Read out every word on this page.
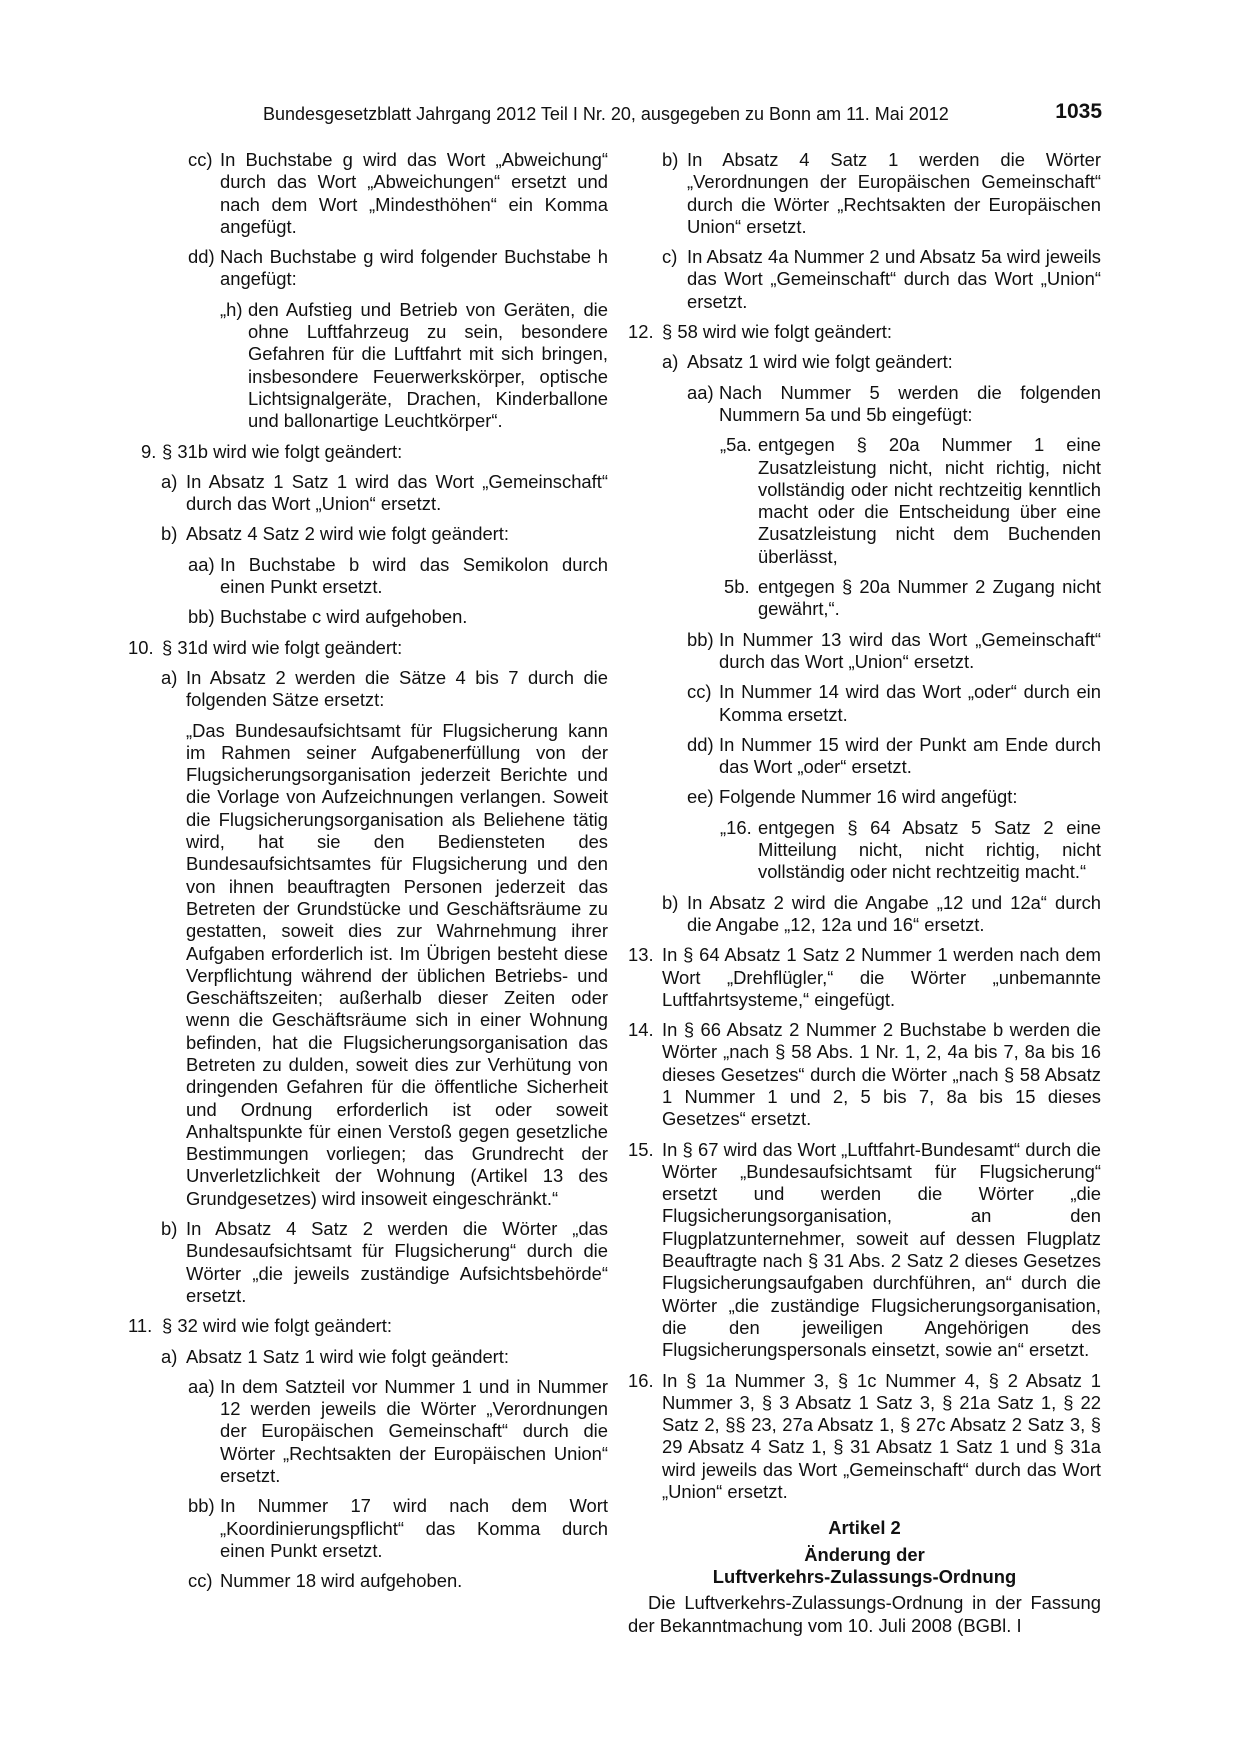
Bundesgesetzblatt Jahrgang 2012 Teil I Nr. 20, ausgegeben zu Bonn am 11. Mai 2012	1035
cc) In Buchstabe g wird das Wort „Abweichung“ durch das Wort „Abweichungen“ ersetzt und nach dem Wort „Mindesthöhen“ ein Komma angefügt.
dd) Nach Buchstabe g wird folgender Buchstabe h angefügt:
„h) den Aufstieg und Betrieb von Geräten, die ohne Luftfahrzeug zu sein, besondere Gefahren für die Luftfahrt mit sich bringen, insbesondere Feuerwerkskörper, optische Lichtsignalgeräte, Drachen, Kinderballone und ballonartige Leuchtkörper“.
9. § 31b wird wie folgt geändert:
a) In Absatz 1 Satz 1 wird das Wort „Gemeinschaft“ durch das Wort „Union“ ersetzt.
b) Absatz 4 Satz 2 wird wie folgt geändert:
aa) In Buchstabe b wird das Semikolon durch einen Punkt ersetzt.
bb) Buchstabe c wird aufgehoben.
10. § 31d wird wie folgt geändert:
a) In Absatz 2 werden die Sätze 4 bis 7 durch die folgenden Sätze ersetzt:
„Das Bundesaufsichtsamt für Flugsicherung kann im Rahmen seiner Aufgabenerfüllung von der Flugsicherungsorganisation jederzeit Berichte und die Vorlage von Aufzeichnungen verlangen. Soweit die Flugsicherungsorganisation als Beliehene tätig wird, hat sie den Bediensteten des Bundesaufsichtsamtes für Flugsicherung und den von ihnen beauftragten Personen jederzeit das Betreten der Grundstücke und Geschäftsräume zu gestatten, soweit dies zur Wahrnehmung ihrer Aufgaben erforderlich ist. Im Übrigen besteht diese Verpflichtung während der üblichen Betriebs- und Geschäftszeiten; außerhalb dieser Zeiten oder wenn die Geschäftsräume sich in einer Wohnung befinden, hat die Flugsicherungsorganisation das Betreten zu dulden, soweit dies zur Verhütung von dringenden Gefahren für die öffentliche Sicherheit und Ordnung erforderlich ist oder soweit Anhaltspunkte für einen Verstoß gegen gesetzliche Bestimmungen vorliegen; das Grundrecht der Unverletzlichkeit der Wohnung (Artikel 13 des Grundgesetzes) wird insoweit eingeschränkt.“
b) In Absatz 4 Satz 2 werden die Wörter „das Bundesaufsichtsamt für Flugsicherung“ durch die Wörter „die jeweils zuständige Aufsichtsbehörde“ ersetzt.
11. § 32 wird wie folgt geändert:
a) Absatz 1 Satz 1 wird wie folgt geändert:
aa) In dem Satzteil vor Nummer 1 und in Nummer 12 werden jeweils die Wörter „Verordnungen der Europäischen Gemeinschaft“ durch die Wörter „Rechtsakten der Europäischen Union“ ersetzt.
bb) In Nummer 17 wird nach dem Wort „Koordinierungspflicht“ das Komma durch einen Punkt ersetzt.
cc) Nummer 18 wird aufgehoben.
b) In Absatz 4 Satz 1 werden die Wörter „Verordnungen der Europäischen Gemeinschaft“ durch die Wörter „Rechtsakten der Europäischen Union“ ersetzt.
c) In Absatz 4a Nummer 2 und Absatz 5a wird jeweils das Wort „Gemeinschaft“ durch das Wort „Union“ ersetzt.
12. § 58 wird wie folgt geändert:
a) Absatz 1 wird wie folgt geändert:
aa) Nach Nummer 5 werden die folgenden Nummern 5a und 5b eingefügt:
„5a. entgegen § 20a Nummer 1 eine Zusatzleistung nicht, nicht richtig, nicht vollständig oder nicht rechtzeitig kenntlich macht oder die Entscheidung über eine Zusatzleistung nicht dem Buchenden überlässt,
5b. entgegen § 20a Nummer 2 Zugang nicht gewährt,“.
bb) In Nummer 13 wird das Wort „Gemeinschaft“ durch das Wort „Union“ ersetzt.
cc) In Nummer 14 wird das Wort „oder“ durch ein Komma ersetzt.
dd) In Nummer 15 wird der Punkt am Ende durch das Wort „oder“ ersetzt.
ee) Folgende Nummer 16 wird angefügt:
„16. entgegen § 64 Absatz 5 Satz 2 eine Mitteilung nicht, nicht richtig, nicht vollständig oder nicht rechtzeitig macht.“
b) In Absatz 2 wird die Angabe „12 und 12a“ durch die Angabe „12, 12a und 16“ ersetzt.
13. In § 64 Absatz 1 Satz 2 Nummer 1 werden nach dem Wort „Drehflügler,“ die Wörter „unbemannte Luftfahrtsysteme,“ eingefügt.
14. In § 66 Absatz 2 Nummer 2 Buchstabe b werden die Wörter „nach § 58 Abs. 1 Nr. 1, 2, 4a bis 7, 8a bis 16 dieses Gesetzes“ durch die Wörter „nach § 58 Absatz 1 Nummer 1 und 2, 5 bis 7, 8a bis 15 dieses Gesetzes“ ersetzt.
15. In § 67 wird das Wort „Luftfahrt-Bundesamt“ durch die Wörter „Bundesaufsichtsamt für Flugsicherung“ ersetzt und werden die Wörter „die Flugsicherungsorganisation, an den Flugplatzunternehmer, soweit auf dessen Flugplatz Beauftragte nach § 31 Abs. 2 Satz 2 dieses Gesetzes Flugsicherungsaufgaben durchführen, an“ durch die Wörter „die zuständige Flugsicherungsorganisation, die den jeweiligen Angehörigen des Flugsicherungspersonals einsetzt, sowie an“ ersetzt.
16. In § 1a Nummer 3, § 1c Nummer 4, § 2 Absatz 1 Nummer 3, § 3 Absatz 1 Satz 3, § 21a Satz 1, § 22 Satz 2, §§ 23, 27a Absatz 1, § 27c Absatz 2 Satz 3, § 29 Absatz 4 Satz 1, § 31 Absatz 1 Satz 1 und § 31a wird jeweils das Wort „Gemeinschaft“ durch das Wort „Union“ ersetzt.
Artikel 2
Änderung der
Luftverkehrs-Zulassungs-Ordnung
Die Luftverkehrs-Zulassungs-Ordnung in der Fassung der Bekanntmachung vom 10. Juli 2008 (BGBl. I
